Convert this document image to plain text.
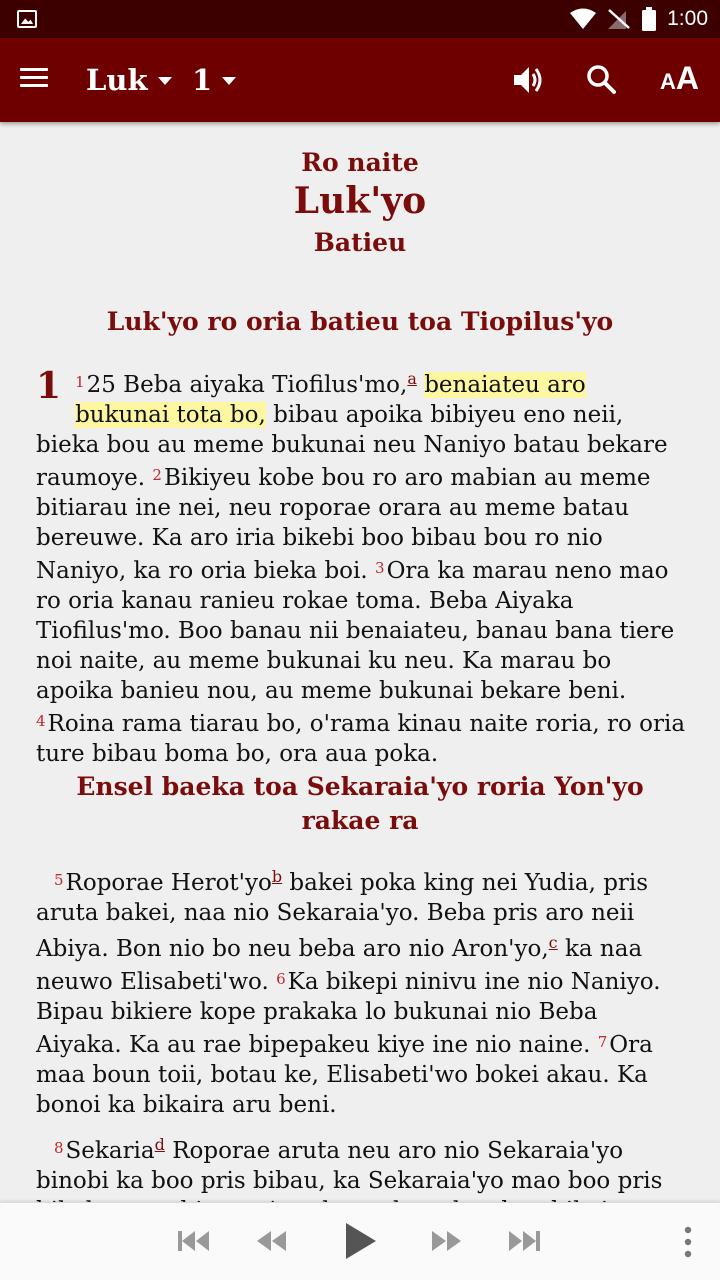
1:00
Luk 1	A A
Ro naite
Luk'yo
Batieu
Luk'yo ro oria batieu toa Tiopilus'yo
1 $^1$25 Beba aiyaka Tiofilus'mo,$^a$ benaiateu aro bukunai tota bo, bibau apoika bibiyeu eno neii, bieka bou au meme bukunai neu Naniyo batau bekare raumoye. $^2$Bikiyeu kobe bou ro aro mabian au meme bitiarau ine nei, neu roporae orara au meme batau bereuwe. Ka aro iria bikebi boo bibau bou ro nio Naniyo, ka ro oria bieka boi. $^3$Ora ka marau neno mao ro oria kanau ranieu rokae toma. Beba Aiyaka Tiofilus'mo. Boo banau nii benaiateu, banau bana tiere noi naite, au meme bukunai ku neu. Ka marau bo apoika banieu nou, au meme bukunai bekare beni. $^4$Roina rama tiarau bo, o'rama kinau naite roria, ro oria ture bibau boma bo, ora aua poka.
Ensel baeka toa Sekaraia'yo roria Yon'yo rakae ra
$^5$Roporae Herot'yo$^b$ bakei poka king nei Yudia, pris aruta bakei, naa nio Sekaraia'yo. Beba pris aro neii Abiya. Bon nio bo neu beba aro nio Aron'yo,$^c$ ka naa neuwo Elisabeti'wo. $^6$Ka bikepi ninivu ine nio Naniyo. Bipau bikiere kope prakaka lo bukunai nio Beba Aiyaka. Ka au rae bipepakeu kiye ine nio naine. $^7$Ora maa boun toii, botau ke, Elisabeti'wo bokei akau. Ka bonoi ka bikaira aru beni.
$^8$Sekaria$^d$ Roporae aruta neu aro nio Sekaraia'yo binobi ka boo pris bibau, ka Sekaraia'yo mao boo pris
